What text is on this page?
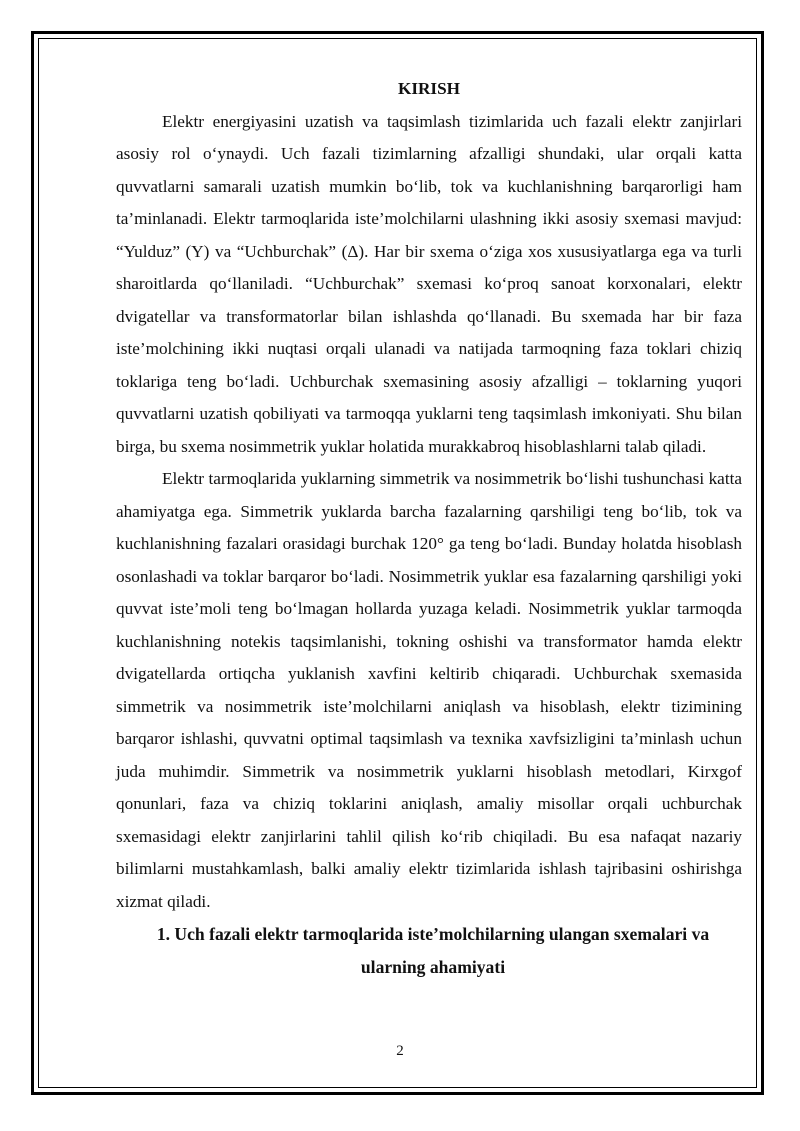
KIRISH

Elektr energiyasini uzatish va taqsimlash tizimlarida uch fazali elektr zanjirlari asosiy rol o‘ynaydi. Uch fazali tizimlarning afzalligi shundaki, ular orqali katta quvvatlarni samarali uzatish mumkin bo‘lib, tok va kuchlanishning barqarorligi ham ta’minlanadi. Elektr tarmoqlarida iste’molchilarni ulashning ikki asosiy sxemasi mavjud: “Yulduz” (Y) va “Uchburchak” (Δ). Har bir sxema o‘ziga xos xususiyatlarga ega va turli sharoitlarda qo‘llaniladi. “Uchburchak” sxemasi ko‘proq sanoat korxonalari, elektr dvigatellar va transformatorlar bilan ishlashda qo‘llanadi. Bu sxemada har bir faza iste’molchining ikki nuqtasi orqali ulanadi va natijada tarmoqning faza toklari chiziq toklariga teng bo‘ladi. Uchburchak sxemasining asosiy afzalligi – toklarning yuqori quvvatlarni uzatish qobiliyati va tarmoqqa yuklarni teng taqsimlash imkoniyati. Shu bilan birga, bu sxema nosimmetrik yuklar holatida murakkabroq hisoblashlarni talab qiladi.

Elektr tarmoqlarida yuklarning simmetrik va nosimmetrik bo‘lishi tushunchasi katta ahamiyatga ega. Simmetrik yuklarda barcha fazalarning qarshiligi teng bo‘lib, tok va kuchlanishning fazalari orasidagi burchak 120° ga teng bo‘ladi. Bunday holatda hisoblash osonlashadi va toklar barqaror bo‘ladi. Nosimmetrik yuklar esa fazalarning qarshiligi yoki quvvat iste’moli teng bo‘lmagan hollarda yuzaga keladi. Nosimmetrik yuklar tarmoqda kuchlanishning notekis taqsimlanishi, tokning oshishi va transformator hamda elektr dvigatellarda ortiqcha yuklanish xavfini keltirib chiqaradi. Uchburchak sxemasida simmetrik va nosimmetrik iste’molchilarni aniqlash va hisoblash, elektr tizimining barqaror ishlashi, quvvatni optimal taqsimlash va texnika xavfsizligini ta’minlash uchun juda muhimdir. Simmetrik va nosimmetrik yuklarni hisoblash metodlari, Kirxgof qonunlari, faza va chiziq toklarini aniqlash, amaliy misollar orqali uchburchak sxemasidagi elektr zanjirlarini tahlil qilish ko‘rib chiqiladi. Bu esa nafaqat nazariy bilimlarni mustahkamlash, balki amaliy elektr tizimlarida ishlash tajribasini oshirishga xizmat qiladi.

1. Uch fazali elektr tarmoqlarida iste’molchilarning ulangan sxemalari va ularning ahamiyati

2
